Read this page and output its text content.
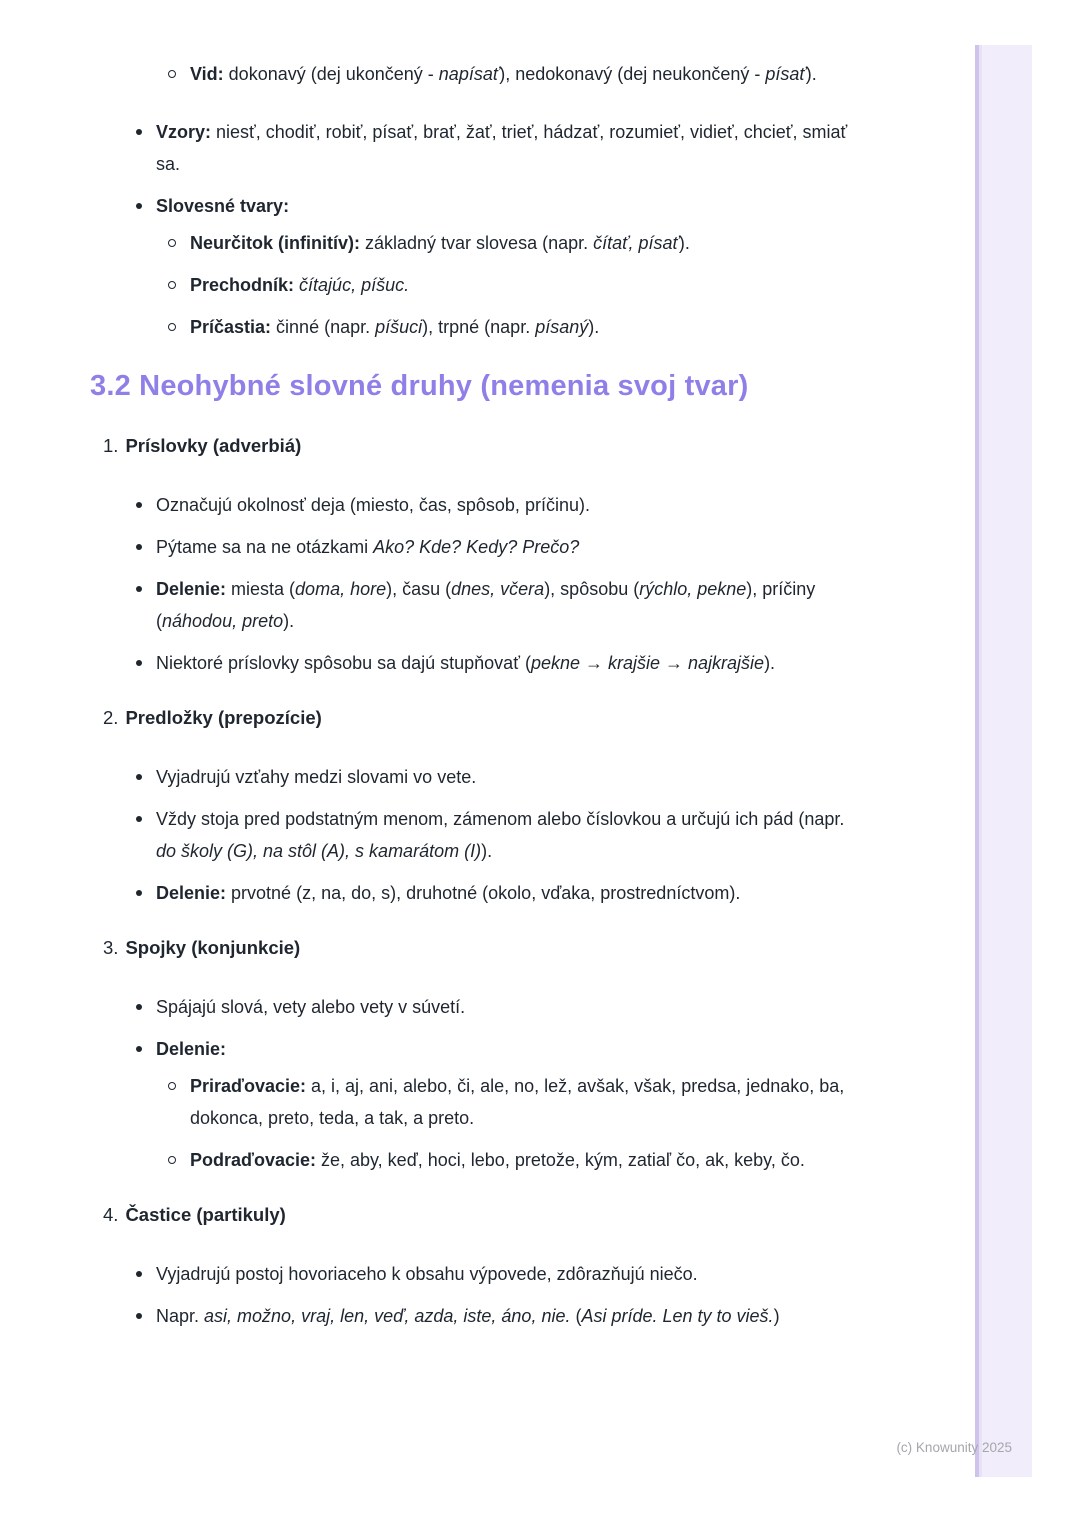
Vid: dokonavý (dej ukončený - napísať), nedokonavý (dej neukončený - písať).
Vzory: niesť, chodiť, robiť, písať, brať, žať, trieť, hádzať, rozumieť, vidieť, chcieť, smiať sa.
Slovesné tvary:
Neurčitok (infinitív): základný tvar slovesa (napr. čítať, písať).
Prechodník: čítajúc, píšuc.
Príčastia: činné (napr. píšuci), trpné (napr. písaný).
3.2 Neohybné slovné druhy (nemenia svoj tvar)
1. Príslovky (adverbiá)
Označujú okolnosť deja (miesto, čas, spôsob, príčinu).
Pýtame sa na ne otázkami Ako? Kde? Kedy? Prečo?
Delenie: miesta (doma, hore), času (dnes, včera), spôsobu (rýchlo, pekne), príčiny (náhodou, preto).
Niektoré príslovky spôsobu sa dajú stupňovať (pekne → krajšie → najkrajšie).
2. Predložky (prepozície)
Vyjadrujú vzťahy medzi slovami vo vete.
Vždy stoja pred podstatným menom, zámenom alebo číslovkou a určujú ich pád (napr. do školy (G), na stôl (A), s kamarátom (I)).
Delenie: prvotné (z, na, do, s), druhotné (okolo, vďaka, prostredníctvom).
3. Spojky (konjunkcie)
Spájajú slová, vety alebo vety v súvetí.
Delenie:
Priraďovacie: a, i, aj, ani, alebo, či, ale, no, lež, avšak, však, predsa, jednako, ba, dokonca, preto, teda, a tak, a preto.
Podraďovacie: že, aby, keď, hoci, lebo, pretože, kým, zatiaľ čo, ak, keby, čo.
4. Častice (partikuly)
Vyjadrujú postoj hovoriaceho k obsahu výpovede, zdôrazňujú niečo.
Napr. asi, možno, vraj, len, veď, azda, iste, áno, nie. (Asi príde. Len ty to vieš.)
(c) Knowunity 2025
